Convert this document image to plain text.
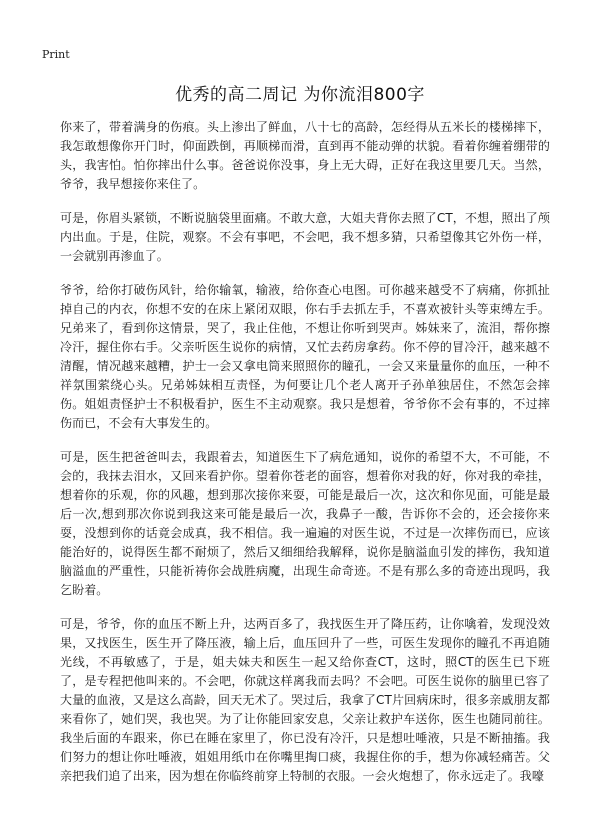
Print
优秀的高二周记 为你流泪800字

你来了，带着满身的伤痕。头上渗出了鲜血，八十七的高龄，怎经得从五米长的楼梯摔下，我怎敢想像你开门时，仰面跌倒，再顺梯而滑，直到再不能动弹的状貌。看着你缠着绷带的头，我害怕。怕你摔出什么事。爸爸说你没事，身上无大碍，正好在我这里要几天。当然，爷爷，我早想接你来住了。

可是，你眉头紧锁，不断说脑袋里面痛。不敢大意，大姐夫背你去照了CT，不想，照出了颅内出血。于是，住院，观察。不会有事吧，不会吧，我不想多猜，只希望像其它外伤一样，一会就别再渗血了。

爷爷，给你打破伤风针，给你输氧，输液，给你查心电图。可你越来越受不了病痛，你抓扯掉自己的内衣，你想不安的在床上紧闭双眼，你右手去抓左手，不喜欢被针头等束缚左手。兄弟来了，看到你这情景，哭了，我止住他，不想让你听到哭声。姊妹来了，流泪，帮你擦冷汗，握住你右手。父亲听医生说你的病情，又忙去药房拿药。你不停的冒冷汗，越来越不清醒，情况越来越糟，护士一会又拿电筒来照照你的瞳孔，一会又来量量你的血压，一种不祥氛围萦绕心头。兄弟姊妹相互责怪，为何要让几个老人离开子孙单独居住，不然怎会摔伤。姐姐责怪护士不积极看护，医生不主动观察。我只是想着，爷爷你不会有事的，不过摔伤而已，不会有大事发生的。

可是，医生把爸爸叫去，我跟着去，知道医生下了病危通知，说你的希望不大，不可能，不会的，我抹去泪水，又回来看护你。望着你苍老的面容，想着你对我的好，你对我的牵挂，想着你的乐观，你的风趣，想到那次接你来耍，可能是最后一次，这次和你见面，可能是最后一次,想到那次你说到我这来可能是最后一次，我鼻子一酸，告诉你不会的，还会接你来耍，没想到你的话竟会成真，我不相信。我一遍遍的对医生说，不过是一次摔伤而已，应该能治好的，说得医生都不耐烦了，然后又细细给我解释，说你是脑溢血引发的摔伤，我知道脑溢血的严重性，只能祈祷你会战胜病魔，出现生命奇迹。不是有那么多的奇迹出现吗，我乞盼着。

可是，爷爷，你的血压不断上升，达两百多了，我找医生开了降压药，让你噙着，发现没效果，又找医生，医生开了降压液，输上后，血压回升了一些，可医生发现你的瞳孔不再追随光线，不再敏感了，于是，姐夫妹夫和医生一起又给你查CT，这时，照CT的医生已下班了，是专程把他叫来的。不会吧，你就这样离我而去吗？不会吧。可医生说你的脑里已容了大量的血液，又是这么高龄，回天无术了。哭过后，我拿了CT片回病床时，很多亲戚朋友都来看你了，她们哭，我也哭。为了让你能回家安息，父亲让救护车送你，医生也随同前往。我坐后面的车跟来，你已在睡在家里了，你已没有冷汗，只是想吐唾液，只是不断抽搐。我们努力的想让你吐唾液，姐姐用纸巾在你嘴里掏口痰，我握住你的手，想为你减轻痛苦。父亲把我们追了出来，因为想在你临终前穿上特制的衣服。一会火炮想了，你永远走了。我嚎
